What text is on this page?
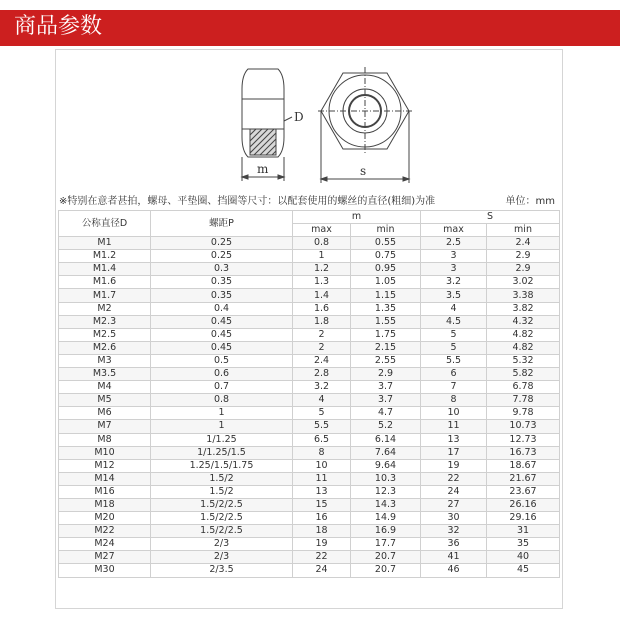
商品参数
D
m	s
※特别在意者甚拍，螺母、平垫圈、挡圈等尺寸：以配套使用的螺丝的直径(粗细)为准	单位：mm
公称直径D	螺距P	m		S	
		max	min	max	min
M1	0.25	0.8	0.55	2.5	2.4
M1.2	0.25	1	0.75	3	2.9
M1.4	0.3	1.2	0.95	3	2.9
M1.6	0.35	1.3	1.05	3.2	3.02
M1.7	0.35	1.4	1.15	3.5	3.38
M2	0.4	1.6	1.35	4	3.82
M2.3	0.45	1.8	1.55	4.5	4.32
M2.5	0.45	2	1.75	5	4.82
M2.6	0.45	2	2.15	5	4.82
M3	0.5	2.4	2.55	5.5	5.32
M3.5	0.6	2.8	2.9	6	5.82
M4	0.7	3.2	3.7	7	6.78
M5	0.8	4	3.7	8	7.78
M6	1	5	4.7	10	9.78
M7	1	5.5	5.2	11	10.73
M8	1/1.25	6.5	6.14	13	12.73
M10	1/1.25/1.5	8	7.64	17	16.73
M12	1.25/1.5/1.75	10	9.64	19	18.67
M14	1.5/2	11	10.3	22	21.67
M16	1.5/2	13	12.3	24	23.67
M18	1.5/2/2.5	15	14.3	27	26.16
M20	1.5/2/2.5	16	14.9	30	29.16
M22	1.5/2/2.5	18	16.9	32	31
M24	2/3	19	17.7	36	35
M27	2/3	22	20.7	41	40
M30	2/3.5	24	20.7	46	45
